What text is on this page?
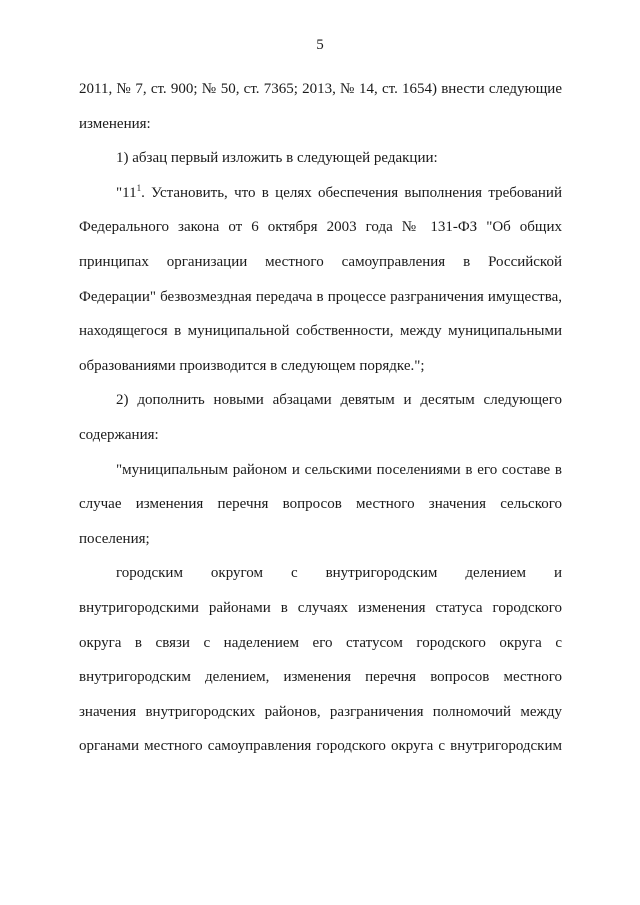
5
2011, № 7, ст. 900; № 50, ст. 7365; 2013, № 14, ст. 1654) внести следующие
изменения:
1) абзац первый изложить в следующей редакции:
"$11^1$. Установить, что в целях обеспечения выполнения требований
Федерального закона от 6 октября 2003 года № 131-ФЗ "Об общих
принципах организации местного самоуправления в Российской
Федерации" безвозмездная передача в процессе разграничения имущества,
находящегося в муниципальной собственности, между муниципальными
образованиями производится в следующем порядке.";
2) дополнить новыми абзацами девятым и десятым следующего
содержания:
"муниципальным районом и сельскими поселениями в его составе в
случае изменения перечня вопросов местного значения сельского
поселения;
городским округом с внутригородским делением и
внутригородскими районами в случаях изменения статуса городского
округа в связи с наделением его статусом городского округа с
внутригородским делением, изменения перечня вопросов местного
значения внутригородских районов, разграничения полномочий между
органами местного самоуправления городского округа с внутригородским
